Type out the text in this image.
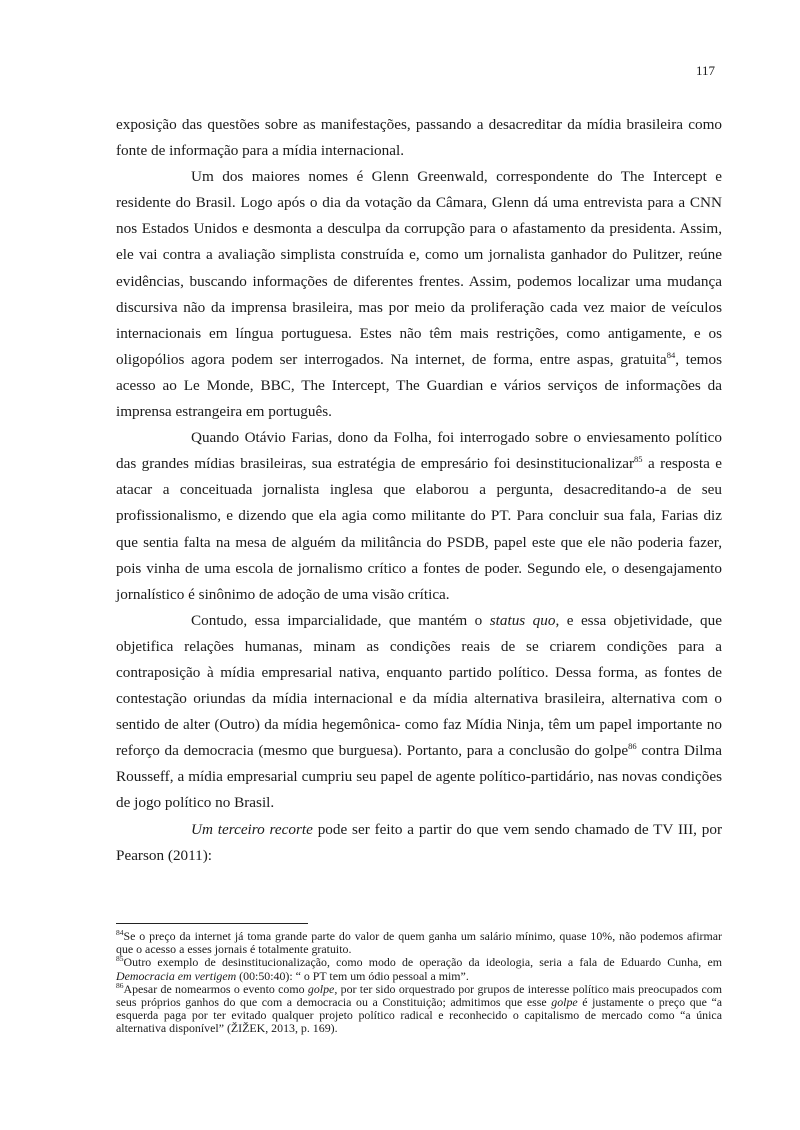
117

exposição das questões sobre as manifestações, passando a desacreditar da mídia brasileira como fonte de informação para a mídia internacional.

Um dos maiores nomes é Glenn Greenwald, correspondente do The Intercept e residente do Brasil. Logo após o dia da votação da Câmara, Glenn dá uma entrevista para a CNN nos Estados Unidos e desmonta a desculpa da corrupção para o afastamento da presidenta. Assim, ele vai contra a avaliação simplista construída e, como um jornalista ganhador do Pulitzer, reúne evidências, buscando informações de diferentes frentes. Assim, podemos localizar uma mudança discursiva não da imprensa brasileira, mas por meio da proliferação cada vez maior de veículos internacionais em língua portuguesa. Estes não têm mais restrições, como antigamente, e os oligopólios agora podem ser interrogados. Na internet, de forma, entre aspas, gratuita$^{84}$, temos acesso ao Le Monde, BBC, The Intercept, The Guardian e vários serviços de informações da imprensa estrangeira em português.

Quando Otávio Farias, dono da Folha, foi interrogado sobre o enviesamento político das grandes mídias brasileiras, sua estratégia de empresário foi desinstitucionalizar$^{85}$ a resposta e atacar a conceituada jornalista inglesa que elaborou a pergunta, desacreditando-a de seu profissionalismo, e dizendo que ela agia como militante do PT. Para concluir sua fala, Farias diz que sentia falta na mesa de alguém da militância do PSDB, papel este que ele não poderia fazer, pois vinha de uma escola de jornalismo crítico a fontes de poder. Segundo ele, o desengajamento jornalístico é sinônimo de adoção de uma visão crítica.

Contudo, essa imparcialidade, que mantém o status quo, e essa objetividade, que objetifica relações humanas, minam as condições reais de se criarem condições para a contraposição à mídia empresarial nativa, enquanto partido político. Dessa forma, as fontes de contestação oriundas da mídia internacional e da mídia alternativa brasileira, alternativa com o sentido de alter (Outro) da mídia hegemônica- como faz Mídia Ninja, têm um papel importante no reforço da democracia (mesmo que burguesa). Portanto, para a conclusão do golpe$^{86}$ contra Dilma Rousseff, a mídia empresarial cumpriu seu papel de agente político-partidário, nas novas condições de jogo político no Brasil.

Um terceiro recorte pode ser feito a partir do que vem sendo chamado de TV III, por Pearson (2011):

$^{84}$Se o preço da internet já toma grande parte do valor de quem ganha um salário mínimo, quase 10%, não podemos afirmar que o acesso a esses jornais é totalmente gratuito.

$^{85}$Outro exemplo de desinstitucionalização, como modo de operação da ideologia, seria a fala de Eduardo Cunha, em Democracia em vertigem (00:50:40): “ o PT tem um ódio pessoal a mim”.

$^{86}$Apesar de nomearmos o evento como golpe, por ter sido orquestrado por grupos de interesse político mais preocupados com seus próprios ganhos do que com a democracia ou a Constituição; admitimos que esse golpe é justamente o preço que “a esquerda paga por ter evitado qualquer projeto político radical e reconhecido o capitalismo de mercado como “a única alternativa disponível” (ŽIŽEK, 2013, p. 169).
